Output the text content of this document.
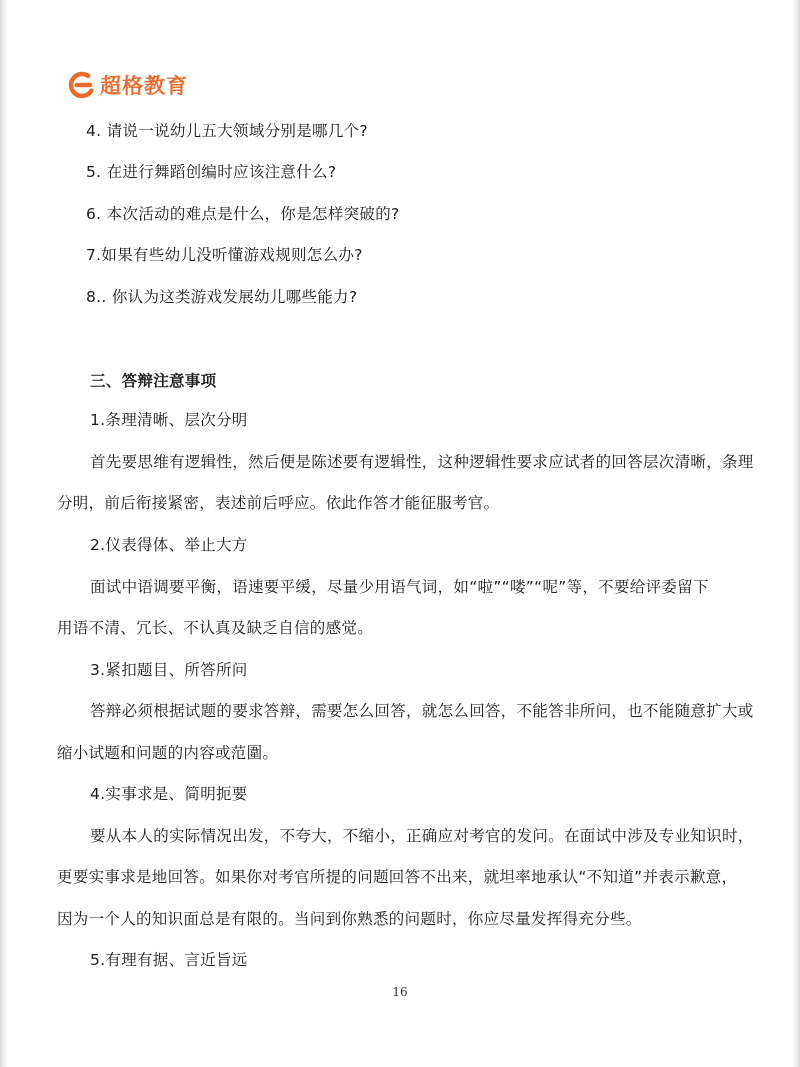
超格教育
4. 请说一说幼儿五大领域分别是哪几个?
5. 在进行舞蹈创编时应该注意什么?
6. 本次活动的难点是什么，你是怎样突破的?
7.如果有些幼儿没听懂游戏规则怎么办?
8.. 你认为这类游戏发展幼儿哪些能力?
三、答辩注意事项
1.条理清晰、层次分明
首先要思维有逻辑性，然后便是陈述要有逻辑性，这种逻辑性要求应试者的回答层次清晰，条理
分明，前后衔接紧密，表述前后呼应。依此作答才能征服考官。
2.仪表得体、举止大方
面试中语调要平衡，语速要平缓，尽量少用语气词，如“啦”“喽”“呢”等，不要给评委留下
用语不清、冗长、不认真及缺乏自信的感觉。
3.紧扣题目、所答所问
答辩必须根据试题的要求答辩，需要怎么回答，就怎么回答，不能答非所问，也不能随意扩大或
缩小试题和问题的内容或范圍。
4.实事求是、简明扼要
要从本人的实际情况出发，不夸大，不缩小，正确应对考官的发问。在面试中涉及专业知识时，
更要实事求是地回答。如果你对考官所提的问题回答不出来，就坦率地承认“不知道”并表示歉意，
因为一个人的知识面总是有限的。当问到你熟悉的问题时，你应尽量发挥得充分些。
5.有理有据、言近旨远
16
